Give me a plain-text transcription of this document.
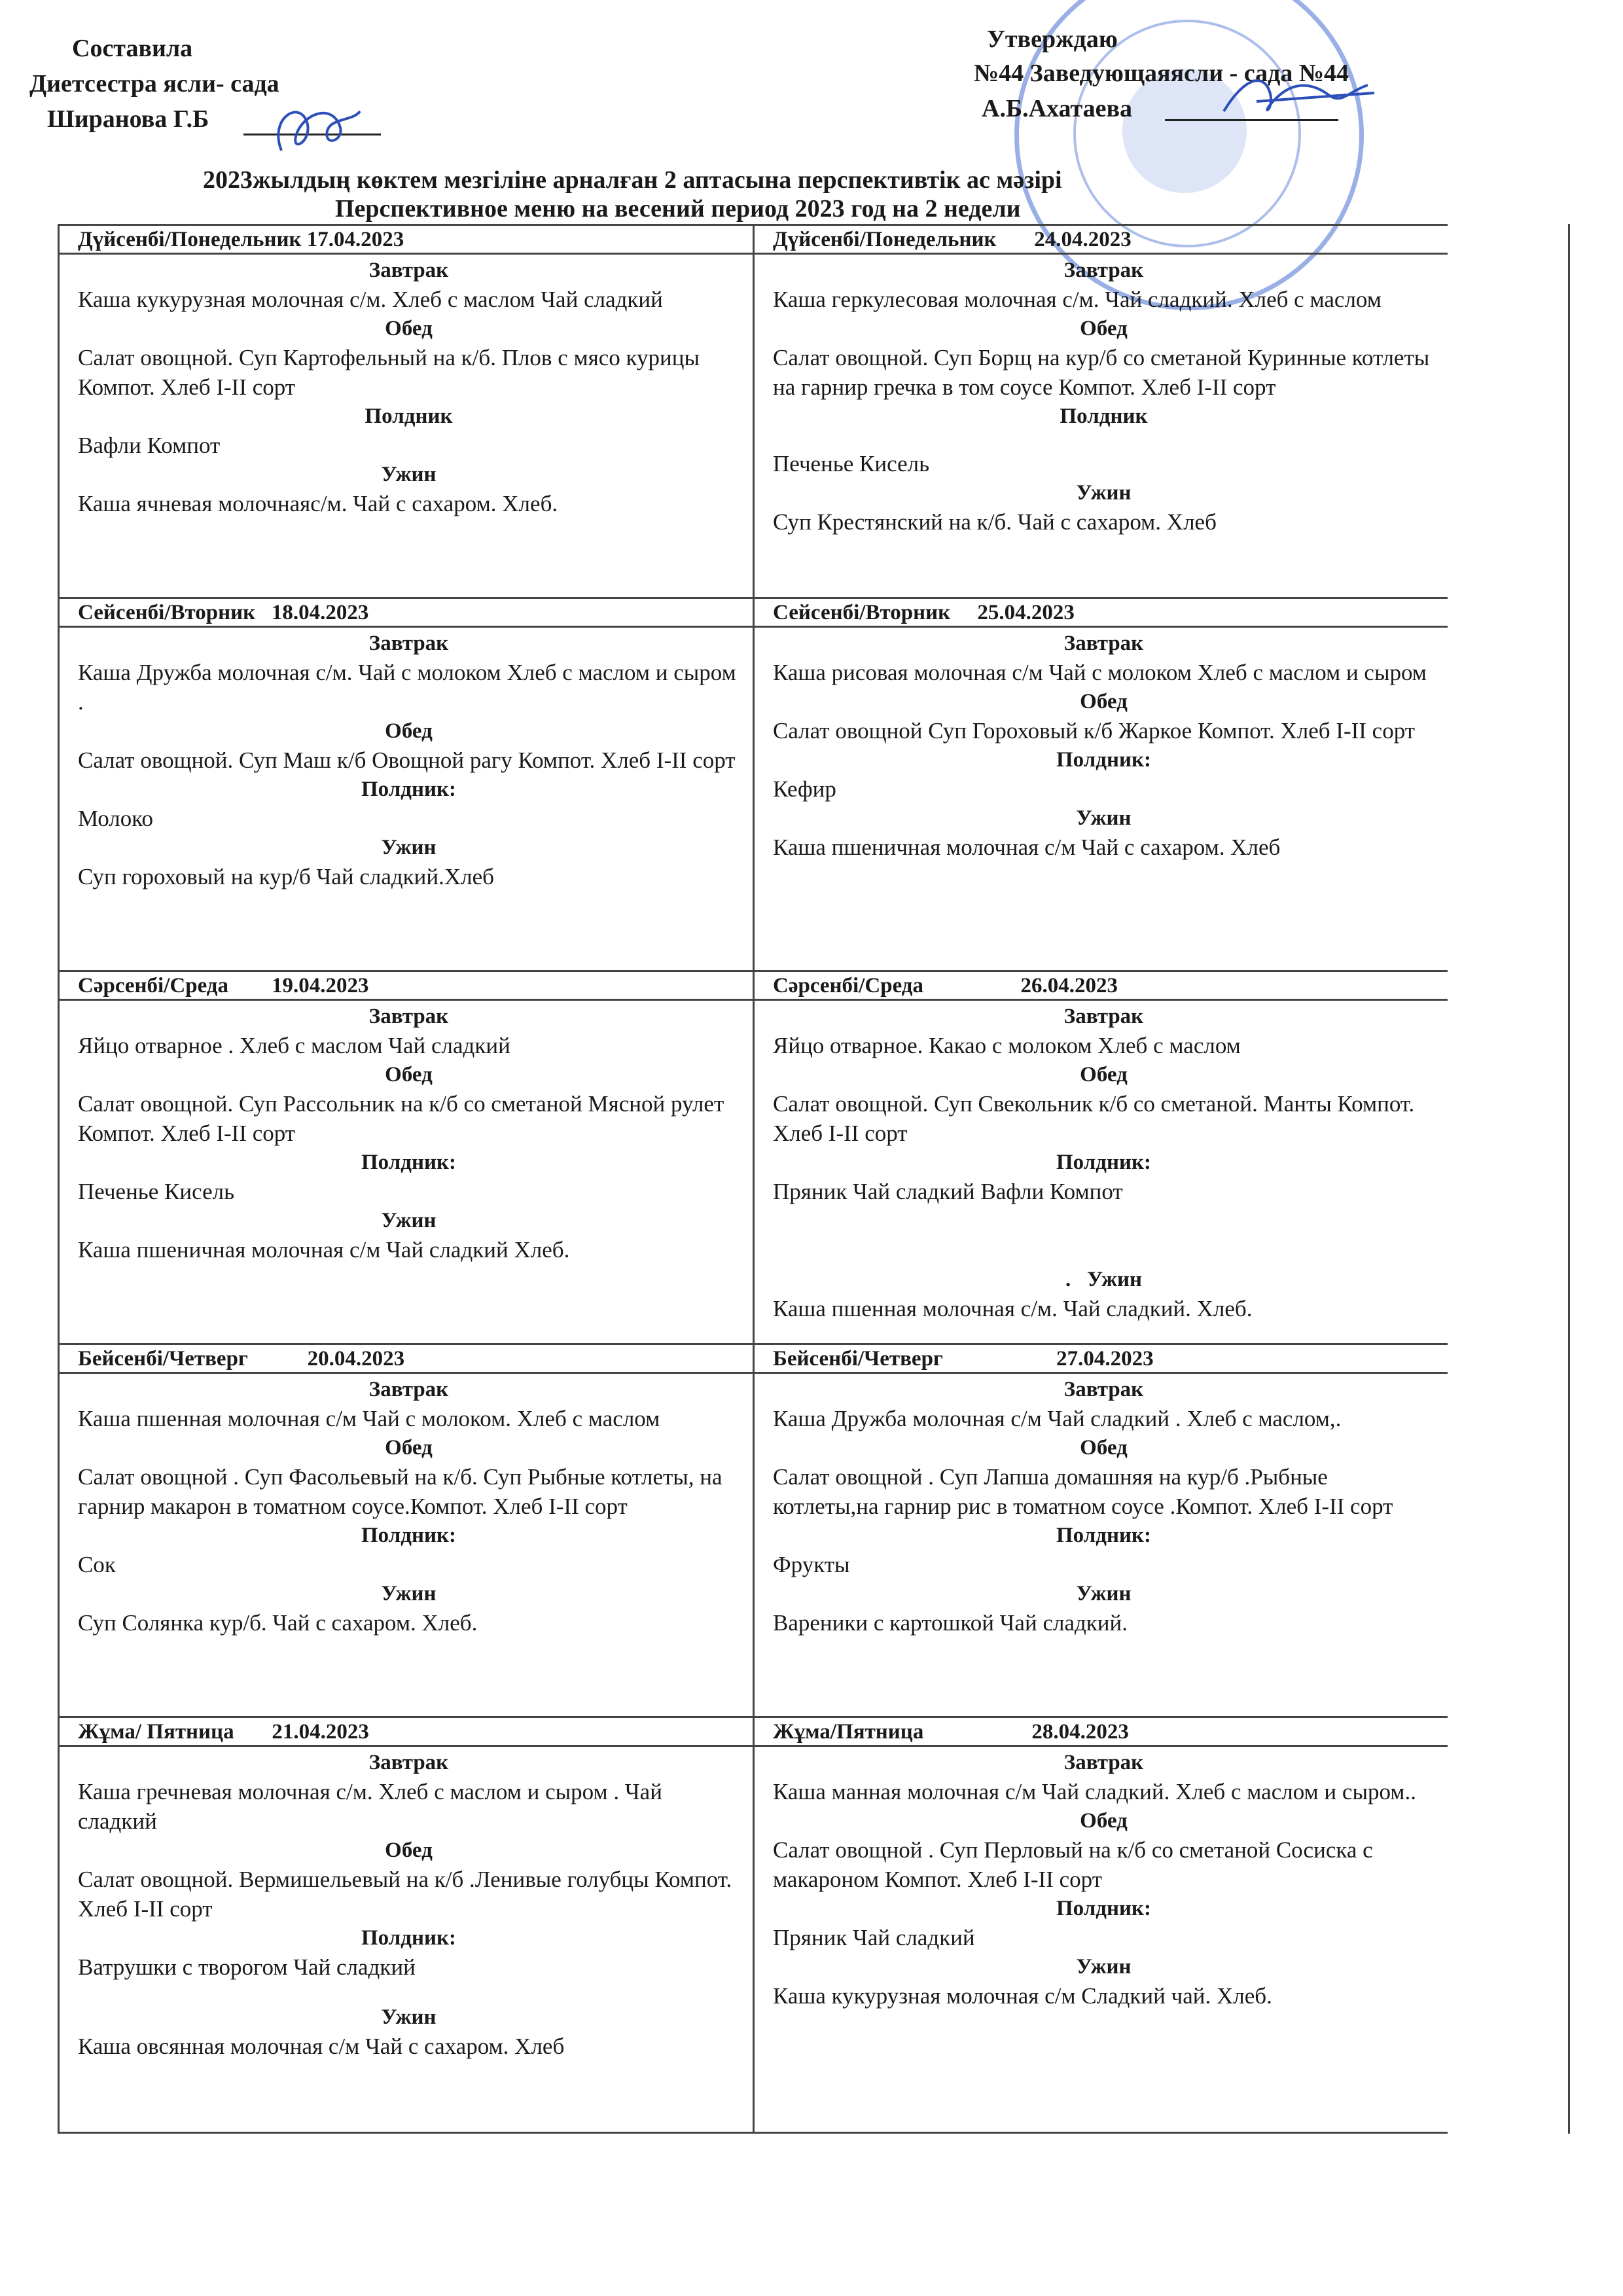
Составила
Диетсестра ясли- сада
Ширанова Г.Б
Утверждаю
№44 Заведующаяясли - сада №44
А.Б.Ахатаева
2023жылдың көктем мезгіліне арналған 2 аптасына перспективтік ас мәзірі
Перспективное меню на весений период 2023 год на 2 недели
Дүйсенбі/Понедельник 17.04.2023
Завтрак
Каша кукурузная молочная с/м. Хлеб с маслом Чай сладкий
Обед
Салат овощной. Суп Картофельный на к/б. Плов с мясо курицы Компот. Хлеб I-II сорт
Полдник
Вафли Компот
Ужин
Каша ячневая молочнаяс/м. Чай с сахаром. Хлеб.
Дүйсенбі/Понедельник       24.04.2023
Завтрак
Каша геркулесовая молочная с/м. Чай сладкий. Хлеб с маслом
Обед
Салат овощной. Суп Борщ на кур/б со сметаной Куринные котлеты на гарнир гречка в том соусе Компот. Хлеб I-II сорт
Полдник
Печенье Кисель
Ужин
Суп Крестянский на к/б. Чай с сахаром. Хлеб
Сейсенбі/Вторник   18.04.2023
Завтрак
Каша Дружба молочная с/м. Чай с молоком Хлеб с маслом и сыром .
Обед
Салат овощной. Суп Маш к/б Овощной рагу Компот. Хлеб I-II сорт
Полдник:
Молоко
Ужин
Суп гороховый на кур/б Чай сладкий.Хлеб
Сейсенбі/Вторник     25.04.2023
Завтрак
Каша рисовая молочная с/м Чай с молоком Хлеб с маслом и сыром
Обед
Салат овощной Суп Гороховый к/б Жаркое Компот. Хлеб I-II сорт
Полдник:
Кефир
Ужин
Каша пшеничная молочная с/м Чай с сахаром. Хлеб
Сәрсенбі/Среда        19.04.2023
Завтрак
Яйцо отварное . Хлеб с маслом Чай сладкий
Обед
Салат овощной. Суп Рассольник на к/б со сметаной Мясной рулет Компот. Хлеб I-II сорт
Полдник:
Печенье Кисель
Ужин
Каша пшеничная молочная с/м Чай сладкий Хлеб.
Сәрсенбі/Среда                  26.04.2023
Завтрак
Яйцо отварное. Какао с молоком Хлеб с маслом
Обед
Салат овощной. Суп Свекольник к/б со сметаной. Манты Компот. Хлеб I-II сорт
Полдник:
Пряник Чай сладкий Вафли Компот
.   Ужин
Каша пшенная молочная с/м. Чай сладкий. Хлеб.
Бейсенбі/Четверг           20.04.2023
Завтрак
Каша пшенная молочная с/м Чай с молоком. Хлеб с маслом
Обед
Салат овощной . Суп Фасольевый на к/б. Суп Рыбные котлеты, на гарнир макарон в томатном соусе.Компот. Хлеб I-II сорт
Полдник:
Сок
Ужин
Суп Солянка кур/б. Чай с сахаром. Хлеб.
Бейсенбі/Четверг                     27.04.2023
Завтрак
Каша Дружба молочная с/м Чай сладкий . Хлеб с маслом,.
Обед
Салат овощной . Суп Лапша домашняя на кур/б .Рыбные котлеты,на гарнир рис в томатном соусе .Компот. Хлеб I-II сорт
Полдник:
Фрукты
Ужин
Вареники с картошкой Чай сладкий.
Жұма/ Пятница       21.04.2023
Завтрак
Каша гречневая молочная с/м. Хлеб с маслом и сыром . Чай сладкий
Обед
Салат овощной. Вермишельевый на к/б .Ленивые голубцы Компот. Хлеб I-II сорт
Полдник:
Ватрушки с творогом Чай сладкий
Ужин
Каша овсянная молочная с/м Чай с сахаром. Хлеб
Жұма/Пятница                    28.04.2023
Завтрак
Каша манная молочная с/м Чай сладкий. Хлеб с маслом и сыром..
Обед
Салат овощной . Суп Перловый на к/б со сметаной Сосиска с макароном Компот. Хлеб I-II сорт
Полдник:
Пряник Чай сладкий
Ужин
Каша кукурузная молочная с/м Сладкий чай. Хлеб.
